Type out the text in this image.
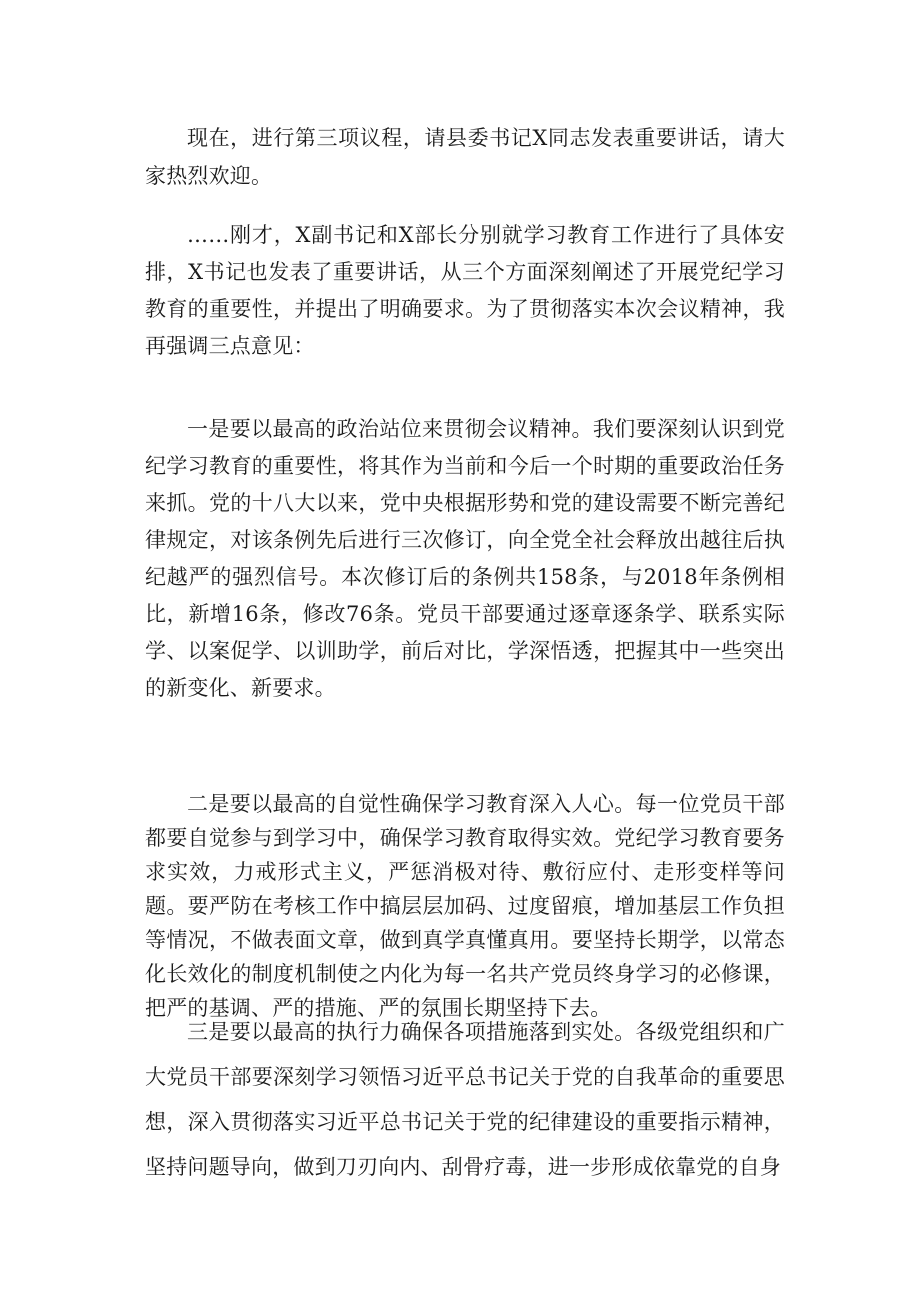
现在，进行第三项议程，请县委书记X同志发表重要讲话，请大家热烈欢迎。

……刚才，X副书记和X部长分别就学习教育工作进行了具体安排，X书记也发表了重要讲话，从三个方面深刻阐述了开展党纪学习教育的重要性，并提出了明确要求。为了贯彻落实本次会议精神，我再强调三点意见：

一是要以最高的政治站位来贯彻会议精神。我们要深刻认识到党纪学习教育的重要性，将其作为当前和今后一个时期的重要政治任务来抓。党的十八大以来，党中央根据形势和党的建设需要不断完善纪律规定，对该条例先后进行三次修订，向全党全社会释放出越往后执纪越严的强烈信号。本次修订后的条例共158条，与2018年条例相比，新增16条，修改76条。党员干部要通过逐章逐条学、联系实际学、以案促学、以训助学，前后对比，学深悟透，把握其中一些突出的新变化、新要求。

二是要以最高的自觉性确保学习教育深入人心。每一位党员干部都要自觉参与到学习中，确保学习教育取得实效。党纪学习教育要务求实效，力戒形式主义，严惩消极对待、敷衍应付、走形变样等问题。要严防在考核工作中搞层层加码、过度留痕，增加基层工作负担等情况，不做表面文章，做到真学真懂真用。要坚持长期学，以常态化长效化的制度机制使之内化为每一名共产党员终身学习的必修课，把严的基调、严的措施、严的氛围长期坚持下去。

三是要以最高的执行力确保各项措施落到实处。各级党组织和广大党员干部要深刻学习领悟习近平总书记关于党的自我革命的重要思想，深入贯彻落实习近平总书记关于党的纪律建设的重要指示精神，坚持问题导向，做到刀刃向内、刮骨疗毒，进一步形成依靠党的自身
